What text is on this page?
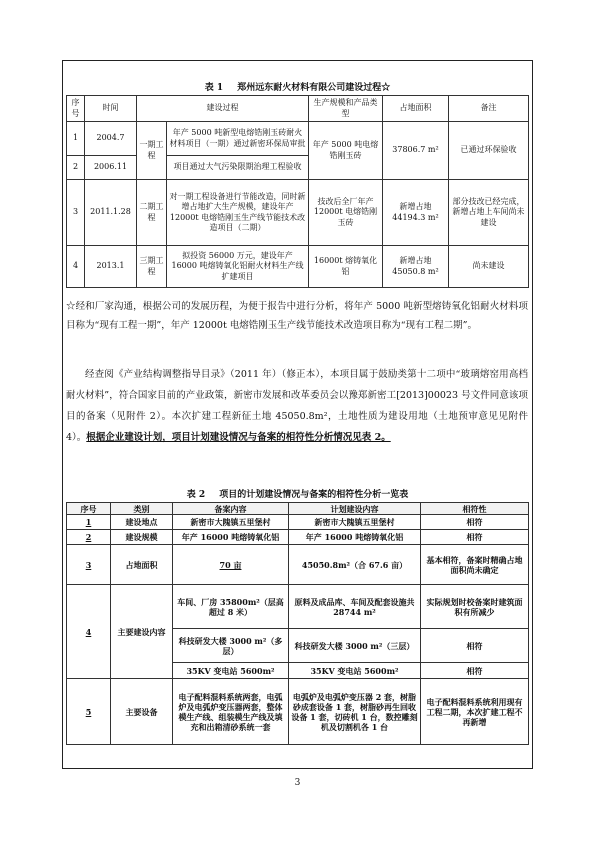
表 1 郑州远东耐火材料有限公司建设过程☆
序号	时间	建设过程		生产规模和产品类型	占地面积	备注
1	2004.7	一期工程	年产 5000 吨新型电熔锆刚玉砖耐火材料项目（一期）通过新密环保局审批	年产 5000 吨电熔锆刚玉砖	37806.7 m²	已通过环保验收
2	2006.11		项目通过大气污染限期治理工程验收			
3	2011.1.28	二期工程	对一期工程设备进行节能改造，同时新增占地扩大生产规模，建设年产 12000t 电熔锆刚玉生产线节能技术改造项目（二期）	技改后全厂年产 12000t 电熔锆刚玉砖	新增占地 44194.3 m²	部分技改已经完成，新增占地上车间尚未建设
4	2013.1	三期工程	拟投资 56000 万元，建设年产 16000 吨熔铸氧化铝耐火材料生产线扩建项目	16000t 熔铸氧化铝	新增占地 45050.8 m²	尚未建设
☆经和厂家沟通，根据公司的发展历程，为便于报告中进行分析，将年产 5000 吨新型熔铸氧化铝耐火材料项目称为“现有工程一期”，年产 12000t 电熔锆刚玉生产线节能技术改造项目称为“现有工程二期”。
经查阅《产业结构调整指导目录》（2011 年）（修正本），本项目属于鼓励类第十二项中“玻璃熔窑用高档耐火材料”，符合国家目前的产业政策，新密市发展和改革委员会以豫郑新密工[2013]00023 号文件同意该项目的备案（见附件 2）。本次扩建工程新征土地 45050.8m²，土地性质为建设用地（土地预审意见见附件 4）。根据企业建设计划，项目计划建设情况与备案的相符性分析情况见表 2。
表 2 项目的计划建设情况与备案的相符性分析一览表
序号	类别	备案内容	计划建设内容	相符性
1	建设地点	新密市大隗镇五里堡村	新密市大隗镇五里堡村	相符
2	建设规模	年产 16000 吨熔铸氧化铝	年产 16000 吨熔铸氧化铝	相符
3	占地面积	70 亩	45050.8m²（合 67.6 亩）	基本相符，备案时精确占地面积尚未确定
4	主要建设内容	车间、厂房 35800m²（层高超过 8 米）	原料及成品库、车间及配套设施共 28744 m²	实际规划时校备案时建筑面积有所减少
		科技研发大楼 3000 m²（多层）	科技研发大楼 3000 m²（三层）	相符
		35KV 变电站 5600m²	35KV 变电站 5600m²	相符
5	主要设备	电子配料混料系统两套，电弧炉及电弧炉变压器两套，整体模生产线、组装模生产线及填充和出箱清砂系统一套	电弧炉及电弧炉变压器 2 套，树脂砂成套设备 1 套，树脂砂再生回收设备 1 套，切砖机 1 台，数控雕刻机及切割机各 1 台	电子配料混料系统利用现有工程二期，本次扩建工程不再新增
3
